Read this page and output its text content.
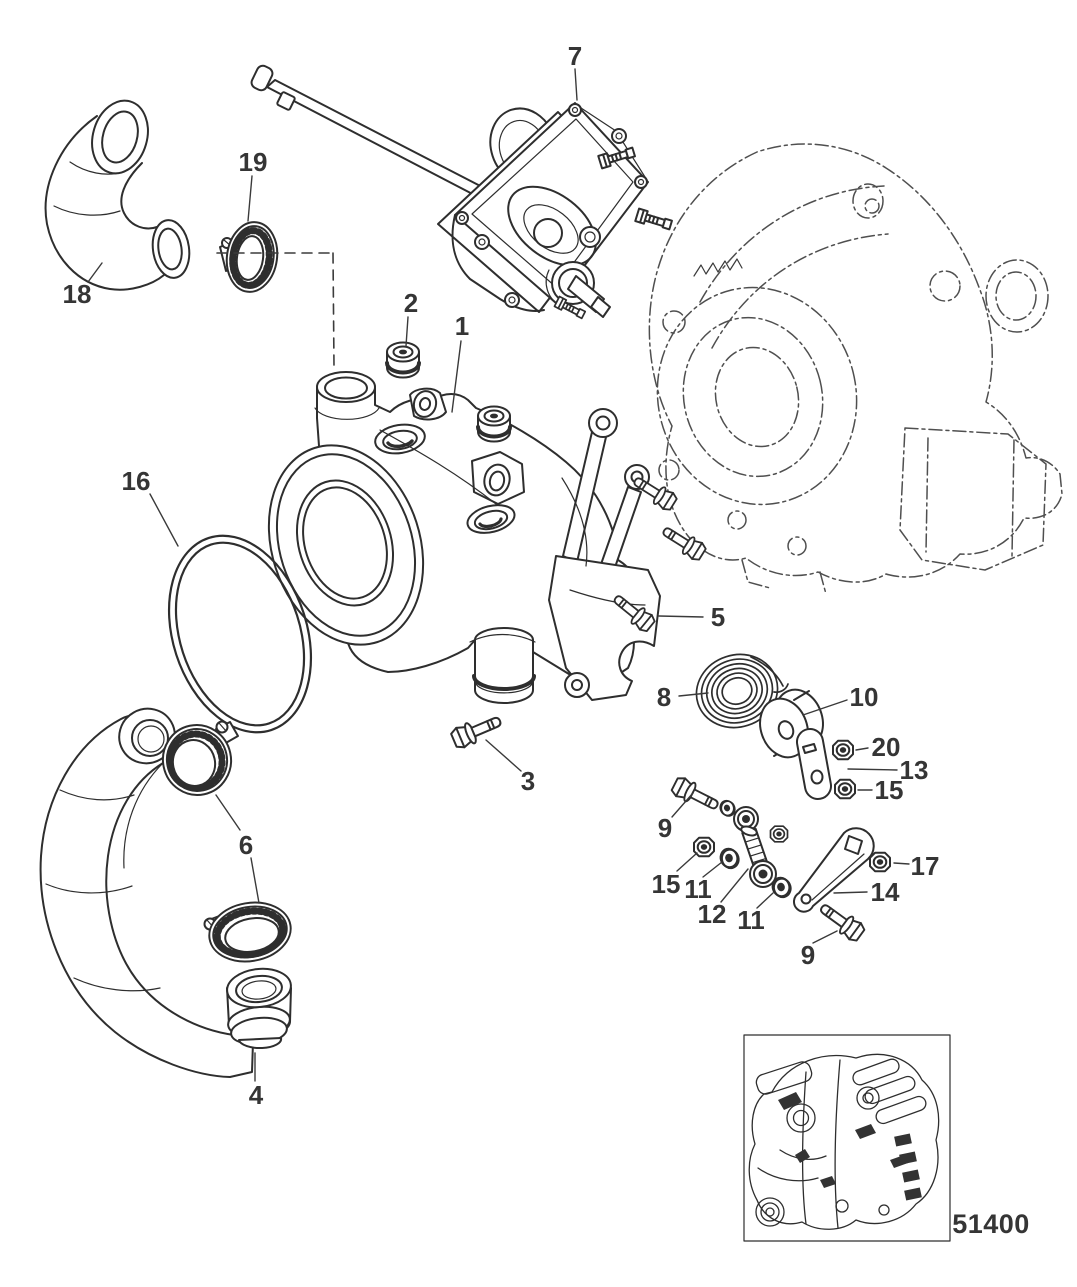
7
19
18	2
1
16
5
8	10
20
13
15
9
6
15 11
12 11
17
14
9
3
4
51400
